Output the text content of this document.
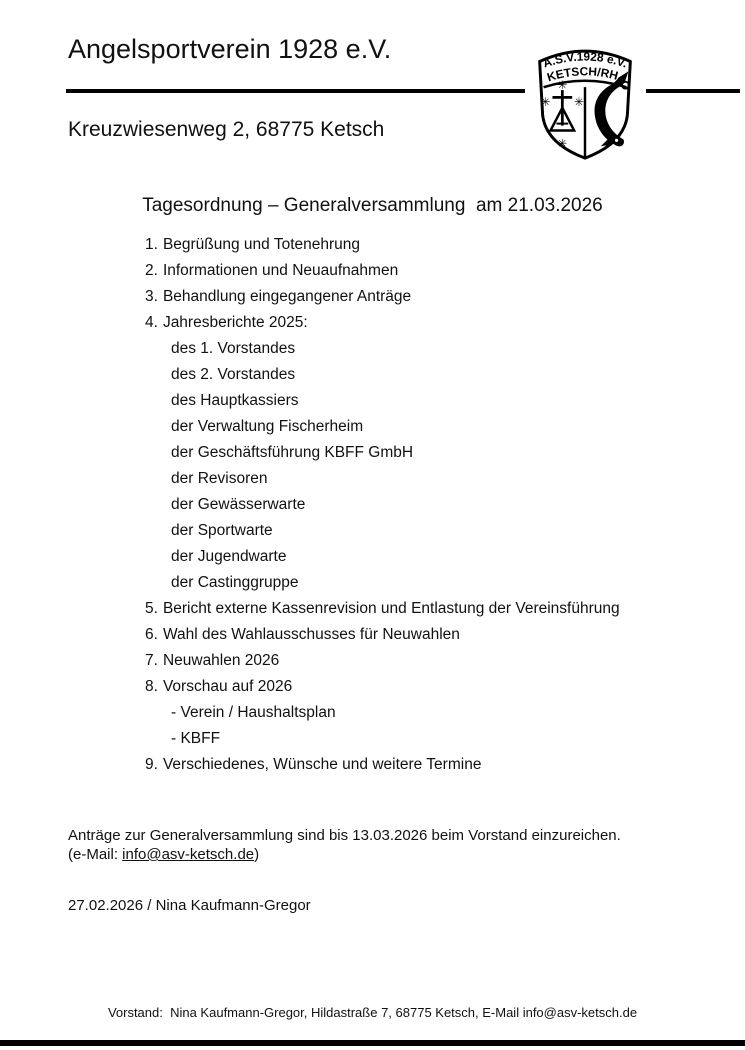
Angelsportverein 1928 e.V.	A.S.V.1928 e.V.
KETSCH/RH.
✳
✳ ✳
✳
Kreuzwiesenweg 2, 68775 Ketsch
Tagesordnung – Generalversammlung  am 21.03.2026
1. Begrüßung und Totenehrung
2. Informationen und Neuaufnahmen
3. Behandlung eingegangener Anträge
4. Jahresberichte 2025:
des 1. Vorstandes
des 2. Vorstandes
des Hauptkassiers
der Verwaltung Fischerheim
der Geschäftsführung KBFF GmbH
der Revisoren
der Gewässerwarte
der Sportwarte
der Jugendwarte
der Castinggruppe
5. Bericht externe Kassenrevision und Entlastung der Vereinsführung
6. Wahl des Wahlausschusses für Neuwahlen
7. Neuwahlen 2026
8. Vorschau auf 2026
- Verein / Haushaltsplan
- KBFF
9. Verschiedenes, Wünsche und weitere Termine
Anträge zur Generalversammlung sind bis 13.03.2026 beim Vorstand einzureichen.
(e-Mail: info@asv-ketsch.de)
27.02.2026 / Nina Kaufmann-Gregor
Vorstand:  Nina Kaufmann-Gregor, Hildastraße 7, 68775 Ketsch, E-Mail info@asv-ketsch.de
